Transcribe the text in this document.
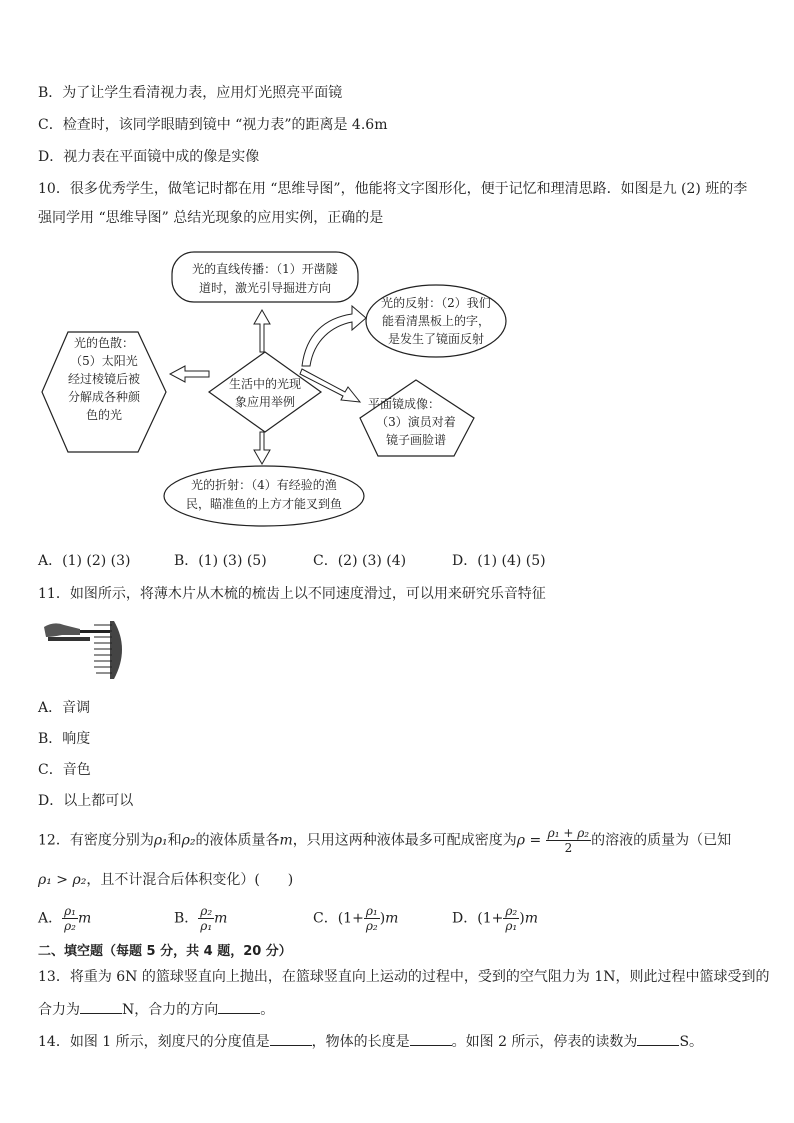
B．为了让学生看清视力表，应用灯光照亮平面镜
C．检查时，该同学眼睛到镜中 “视力表”的距离是 4.6m
D．视力表在平面镜中成的像是实像
10．很多优秀学生，做笔记时都在用 “思维导图”，他能将文字图形化，便于记忆和理清思路．如图是九 (2) 班的李
强同学用 “思维导图” 总结光现象的应用实例，正确的是
光的直线传播：（1）开凿隧
道时，激光引导掘进方向
生活中的光现
象应用举例
光的色散：
（5）太阳光
经过棱镜后被
分解成各种颜
色的光
光的折射：（4）有经验的渔
民，瞄准鱼的上方才能叉到鱼
光的反射：（2）我们
能看清黑板上的字，
是发生了镜面反射
平面镜成像：
（3）演员对着
镜子画脸谱
A．(1) (2) (3)	B．(1) (3) (5)	C．(2) (3) (4)	D．(1) (4) (5)
11．如图所示，将薄木片从木梳的梳齿上以不同速度滑过，可以用来研究乐音特征
A．音调
B．响度
C．音色
D．以上都可以
12．有密度分别为ρ₁和ρ₂的液体质量各m，只用这两种液体最多可配成密度为$\rho = \frac{\text{ρ₁ + ρ₂}}{2}$ 的溶液的质量为（已知
ρ₁ > ρ₂，且不计混合后体积变化）(　　)
A． $\frac{\text{ρ₁}}{\text{ρ₂}}$ m	B． $\frac{\text{ρ₂}}{\text{ρ₁}}$ m	C．$(1+ \frac{\text{ρ₁}}{\text{ρ₂}} )m$	D．$(1+ \frac{\text{ρ₂}}{\text{ρ₁}} )m$
二、填空题（每题 5 分，共 4 题，20 分）
13．将重为 6N 的篮球竖直向上抛出，在篮球竖直向上运动的过程中，受到的空气阻力为 1N，则此过程中篮球受到的
合力为	N，合力的方向	。
14．如图 1 所示，刻度尺的分度值是	，物体的长度是	。如图 2 所示，停表的读数为	S。
